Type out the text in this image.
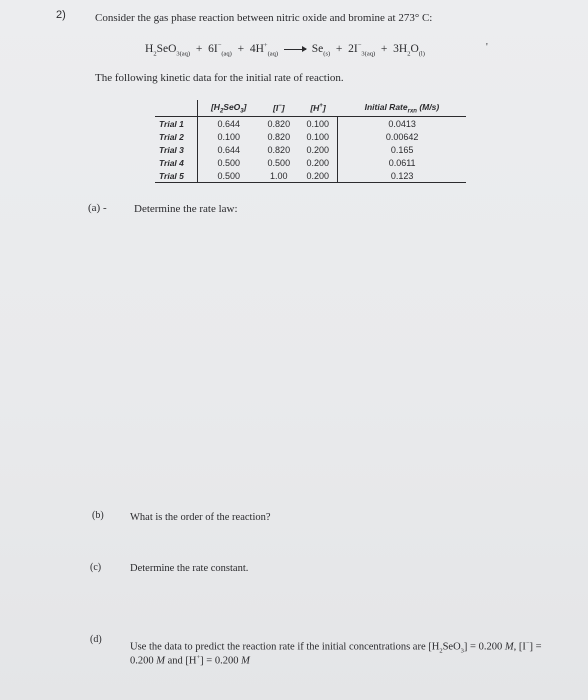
2)	Consider the gas phase reaction between nitric oxide and bromine at 273° C:
$H_2SeO_{3(aq)} + 6I^-_{(aq)} + 4H^+_{(aq)} \to Se_{(s)} + 2I^-_{3(aq)} + 3H_2O_{(l)}$
'
The following kinetic data for the initial rate of reaction.
	$[H_2SeO_3]$	[I−]	[H+]	Initial Rate$_{rxn}$ (M/s)
Trial 1	0.644	0.820	0.100	0.0413
Trial 2	0.100	0.820	0.100	0.00642
Trial 3	0.644	0.820	0.200	0.165
Trial 4	0.500	0.500	0.200	0.0611
Trial 5	0.500	1.00	0.200	0.123
(a) - Determine the rate law:
(b)	What is the order of the reaction?
(c)	Determine the rate constant.
(d)
Use the data to predict the reaction rate if the initial concentrations are $[H_2SeO_3] = 0.200$ M, [I−] =
0.200 M and [H+] = 0.200 M
